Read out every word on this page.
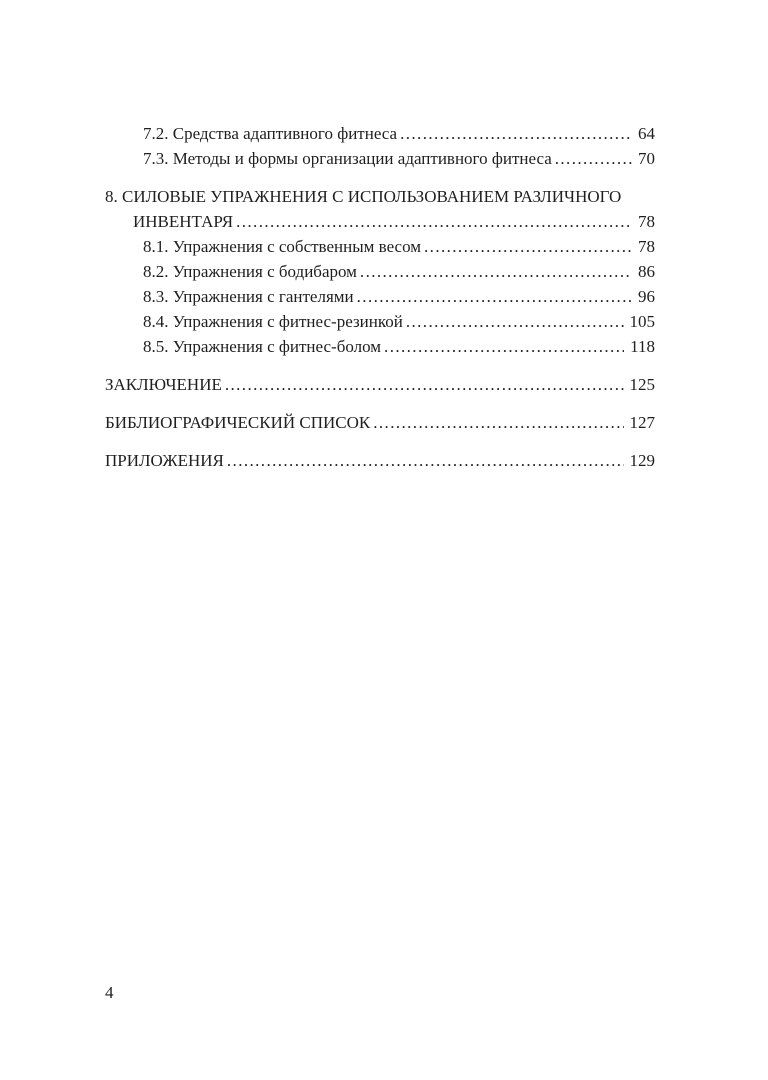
7.2. Средства адаптивного фитнеса .....	64
7.3. Методы и формы организации адаптивного фитнеса .....	70
8. СИЛОВЫЕ УПРАЖНЕНИЯ С ИСПОЛЬЗОВАНИЕМ РАЗЛИЧНОГО
ИНВЕНТАРЯ .....	78
8.1. Упражнения с собственным весом .....	78
8.2. Упражнения с бодибаром .....	86
8.3. Упражнения с гантелями .....	96
8.4. Упражнения с фитнес-резинкой .....	105
8.5. Упражнения с фитнес-болом .....	118
ЗАКЛЮЧЕНИЕ .....	125
БИБЛИОГРАФИЧЕСКИЙ СПИСОК .....	127
ПРИЛОЖЕНИЯ .....	129
4
